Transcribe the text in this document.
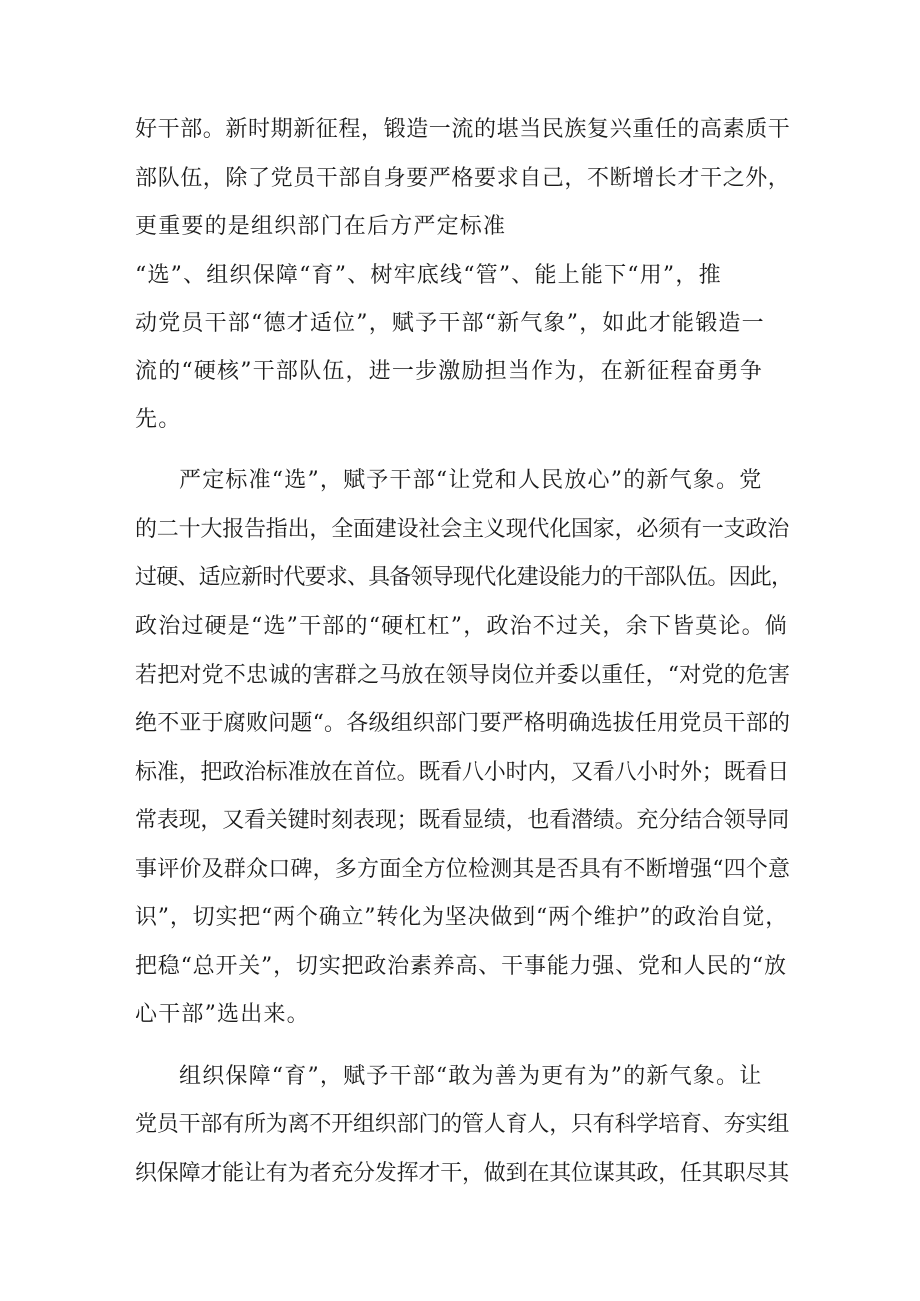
好干部。新时期新征程，锻造一流的堪当民族复兴重任的高素质干
部队伍，除了党员干部自身要严格要求自己，不断增长才干之外，
更重要的是组织部门在后方严定标准
“选”、组织保障“育”、树牢底线“管”、能上能下“用”，推
动党员干部“德才适位”，赋予干部“新气象”，如此才能锻造一
流的“硬核”干部队伍，进一步激励担当作为，在新征程奋勇争
先。
严定标准“选”，赋予干部“让党和人民放心”的新气象。党
的二十大报告指出，全面建设社会主义现代化国家，必须有一支政治
过硬、适应新时代要求、具备领导现代化建设能力的干部队伍。因此，
政治过硬是“选”干部的“硬杠杠”，政治不过关，余下皆莫论。倘
若把对党不忠诚的害群之马放在领导岗位并委以重任，“对党的危害
绝不亚于腐败问题“。各级组织部门要严格明确选拔任用党员干部的
标准，把政治标准放在首位。既看八小时内，又看八小时外；既看日
常表现，又看关键时刻表现；既看显绩，也看潜绩。充分结合领导同
事评价及群众口碑，多方面全方位检测其是否具有不断增强“四个意
识”，切实把“两个确立”转化为坚决做到“两个维护”的政治自觉，
把稳“总开关”，切实把政治素养高、干事能力强、党和人民的“放
心干部”选出来。
组织保障“育”，赋予干部“敢为善为更有为”的新气象。让
党员干部有所为离不开组织部门的管人育人，只有科学培育、夯实组
织保障才能让有为者充分发挥才干，做到在其位谋其政，任其职尽其
